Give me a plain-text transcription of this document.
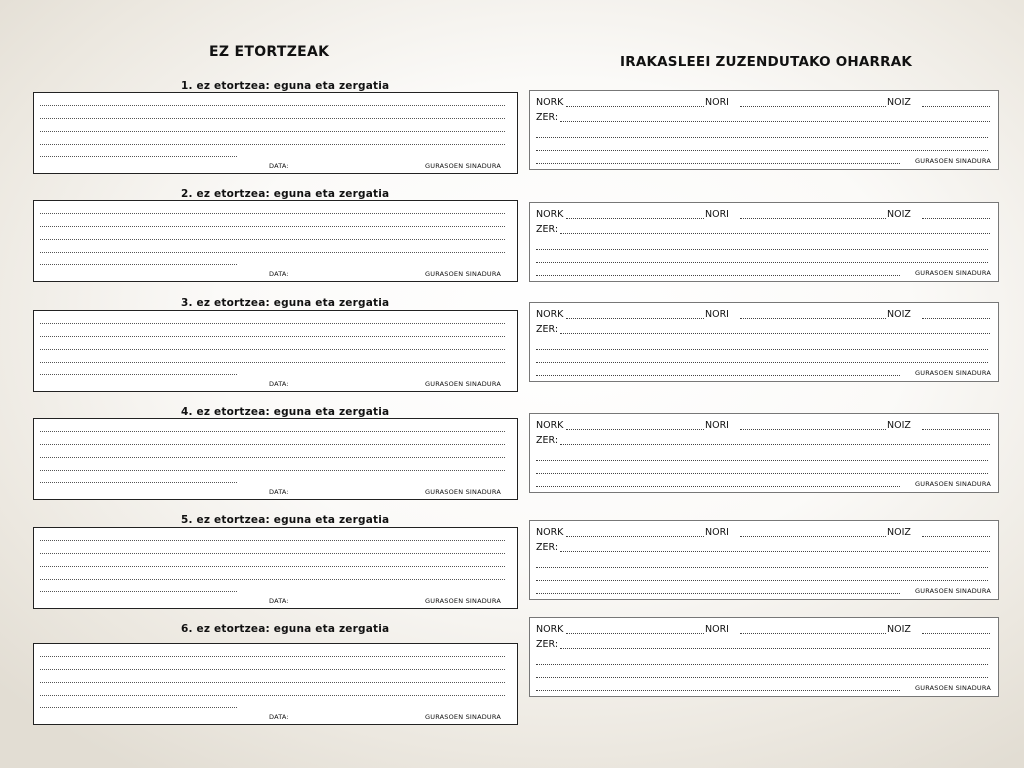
EZ ETORTZEAK
IRAKASLEEI ZUZENDUTAKO OHARRAK
1. ez etortzea: eguna eta zergatia
DATA:	GURASOEN SINADURA
2. ez etortzea: eguna eta zergatia
DATA:	GURASOEN SINADURA
3. ez etortzea: eguna eta zergatia
DATA:	GURASOEN SINADURA
4. ez etortzea: eguna eta zergatia
DATA:	GURASOEN SINADURA
5. ez etortzea: eguna eta zergatia
DATA:	GURASOEN SINADURA
6. ez etortzea: eguna eta zergatia
DATA:	GURASOEN SINADURA
NORK	NORI	NOIZ
ZER:
GURASOEN SINADURA
NORK	NORI	NOIZ
ZER:
GURASOEN SINADURA
NORK	NORI	NOIZ
ZER:
GURASOEN SINADURA
NORK	NORI	NOIZ
ZER:
GURASOEN SINADURA
NORK	NORI	NOIZ
ZER:
GURASOEN SINADURA
NORK	NORI	NOIZ
ZER:
GURASOEN SINADURA
